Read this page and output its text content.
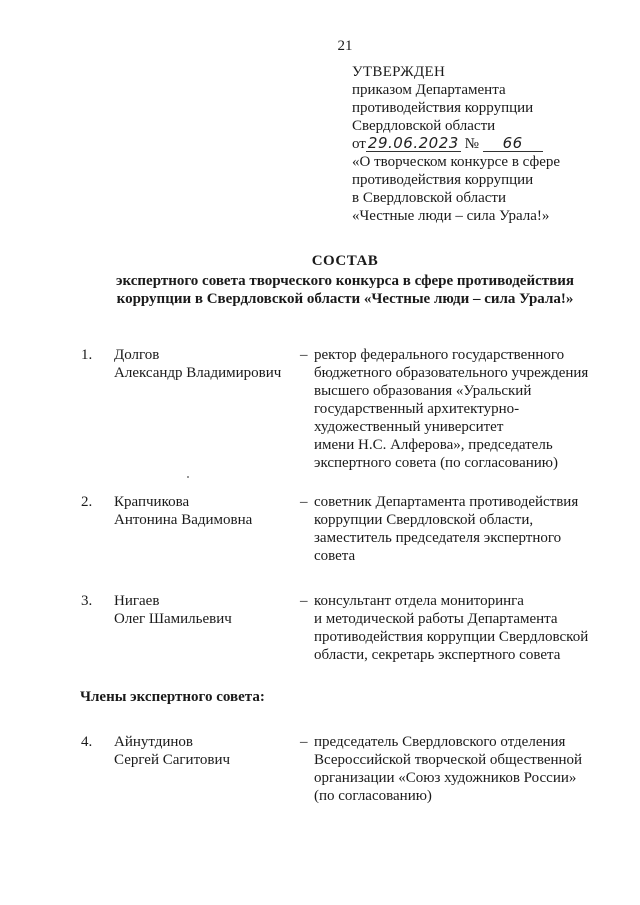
21
УТВЕРЖДЕН
приказом Департамента
противодействия коррупции
Свердловской области
от 29.06.2023 № 66
«О творческом конкурсе в сфере
противодействия коррупции
в Свердловской области
«Честные люди – сила Урала!»
СОСТАВ
экспертного совета творческого конкурса в сфере противодействия
коррупции в Свердловской области «Честные люди – сила Урала!»
1. Долгов
Александр Владимирович
– ректор федерального государственного
бюджетного образовательного учреждения
высшего образования «Уральский
государственный архитектурно-
художественный университет
имени Н.С. Алферова», председатель
экспертного совета (по согласованию)
2. Крапчикова
Антонина Вадимовна
– советник Департамента противодействия
коррупции Свердловской области,
заместитель председателя экспертного
совета
3. Нигаев
Олег Шамильевич
– консультант отдела мониторинга
и методической работы Департамента
противодействия коррупции Свердловской
области, секретарь экспертного совета
Члены экспертного совета:
4. Айнутдинов
Сергей Сагитович
– председатель Свердловского отделения
Всероссийской творческой общественной
организации «Союз художников России»
(по согласованию)
